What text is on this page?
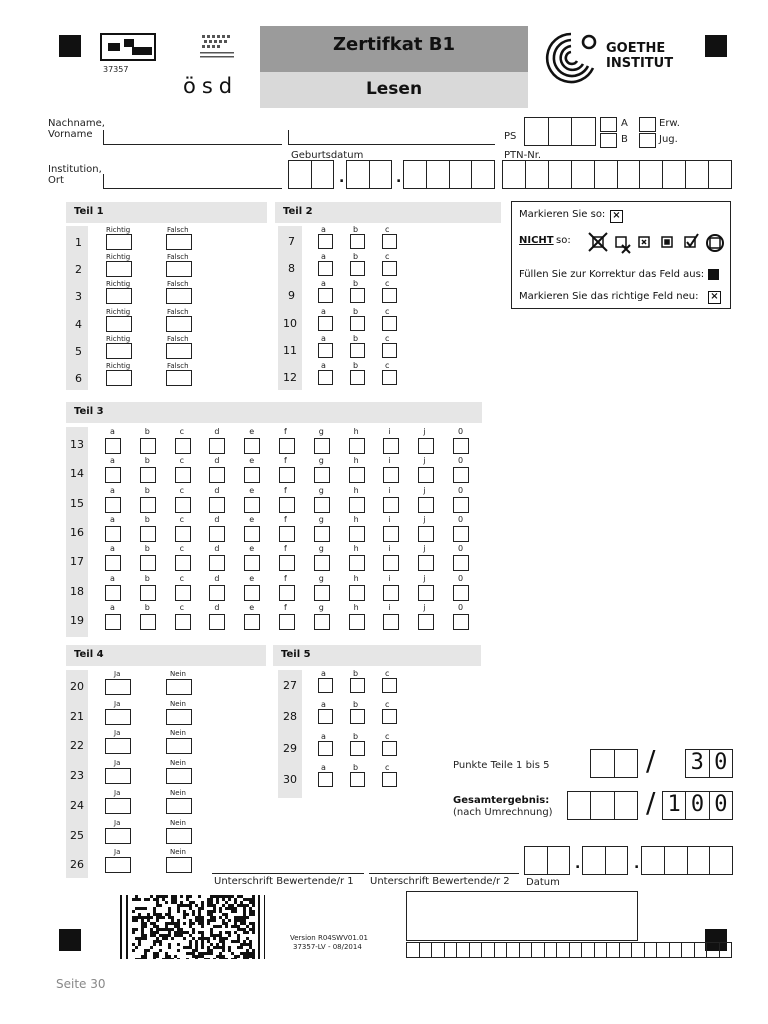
37357
ösd
Zertifkat B1
Lesen
GOETHE
INSTITUT
Nachname,
Vorname	PS
A
B
Erw.
Jug.
Geburtsdatum	PTN-Nr.
Institution,
Ort	.	.
Markieren Sie so: ×
NICHT so:
Füllen Sie zur Korrektur das Feld aus:
Markieren Sie das richtige Feld neu: ×
Teil 1
1
Richtig	Falsch
2
Richtig	Falsch
3
Richtig	Falsch
4
Richtig	Falsch
5
Richtig	Falsch
6
Richtig	Falsch
Teil 2
7
a	b	c
8
a	b	c
9
a	b	c
10
a	b	c
11
a	b	c
12
a	b	c
Teil 3
13
a	b	c	d	e	f	g	h	i	j	0
14
a	b	c	d	e	f	g	h	i	j	0
15
a	b	c	d	e	f	g	h	i	j	0
16
a	b	c	d	e	f	g	h	i	j	0
17
a	b	c	d	e	f	g	h	i	j	0
18
a	b	c	d	e	f	g	h	i	j	0
19
a	b	c	d	e	f	g	h	i	j	0
Teil 4
20
Ja	Nein
21
Ja	Nein
22
Ja	Nein
23
Ja	Nein
24
Ja	Nein
25
Ja	Nein
26
Ja	Nein
Teil 5
27
a	b	c
28
a	b	c
29
a	b	c
30
a	b	c	Punkte Teile 1 bis 5	/ 3 0
Gesamtergebnis:
(nach Umrechnung)	/ 1 0 0
Unterschrift Bewertende/r 1 Unterschrift Bewertende/r 2
.	.
Datum
Version R04SWV01.01
37357-LV - 08/2014
Seite 30
